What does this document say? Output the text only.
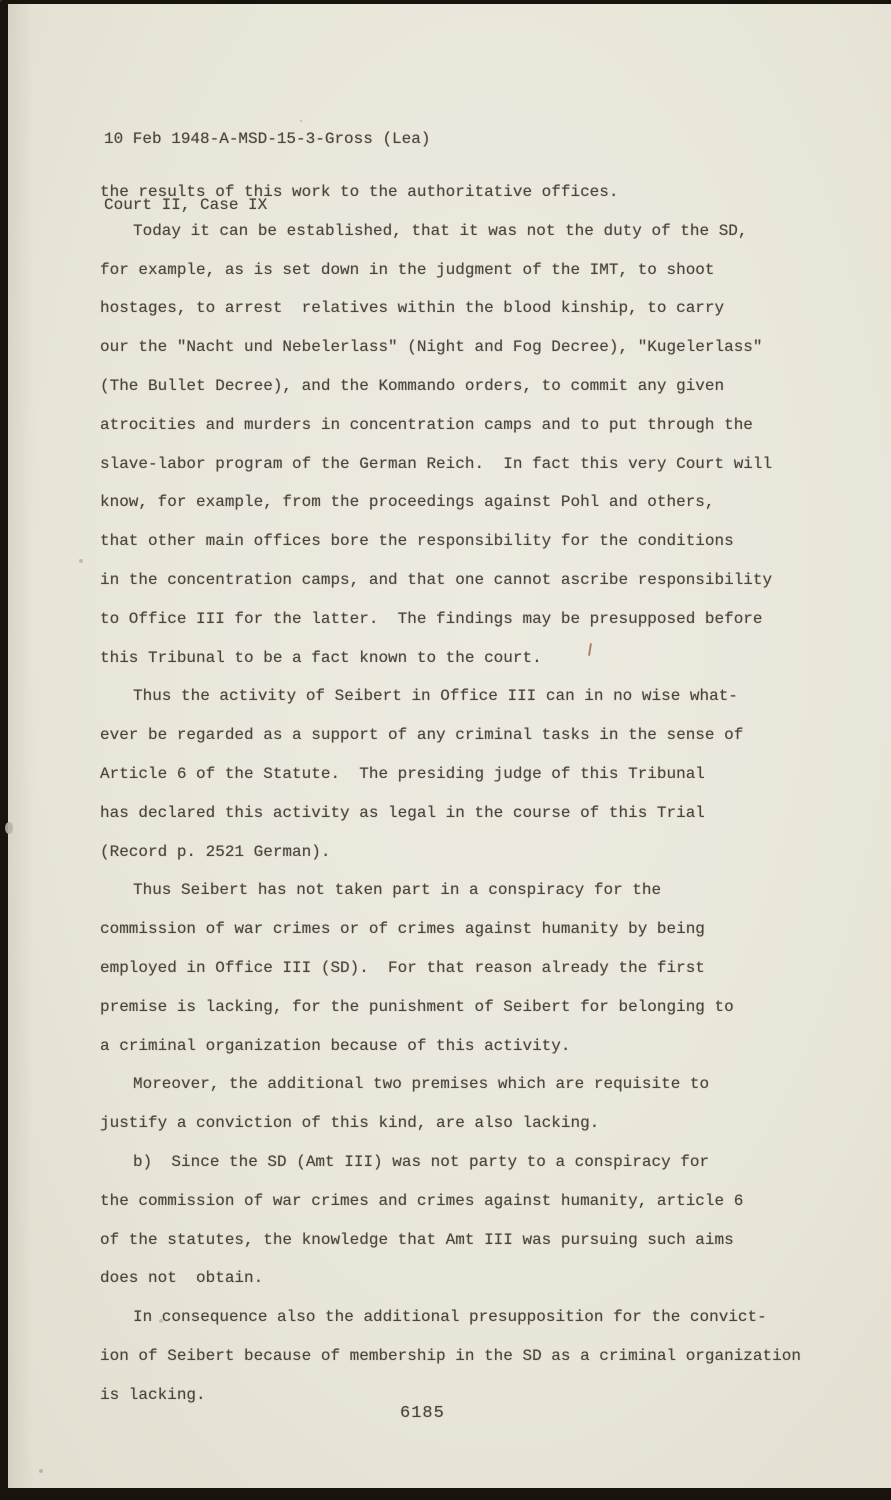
10 Feb 1948-A-MSD-15-3-Gross (Lea)

Court II, Case IX

the results of this work to the authoritative offices.
Today it can be established, that it was not the duty of the SD,
for example, as is set down in the judgment of the IMT, to shoot
hostages, to arrest  relatives within the blood kinship, to carry
our the "Nacht und Nebelerlass" (Night and Fog Decree), "Kugelerlass"
(The Bullet Decree), and the Kommando orders, to commit any given
atrocities and murders in concentration camps and to put through the
slave-labor program of the German Reich.  In fact this very Court will
know, for example, from the proceedings against Pohl and others,
that other main offices bore the responsibility for the conditions
in the concentration camps, and that one cannot ascribe responsibility
to Office III for the latter.  The findings may be presupposed before
this Tribunal to be a fact known to the court.
Thus the activity of Seibert in Office III can in no wise what-
ever be regarded as a support of any criminal tasks in the sense of
Article 6 of the Statute.  The presiding judge of this Tribunal
has declared this activity as legal in the course of this Trial
(Record p. 2521 German).
Thus Seibert has not taken part in a conspiracy for the
commission of war crimes or of crimes against humanity by being
employed in Office III (SD).  For that reason already the first
premise is lacking, for the punishment of Seibert for belonging to
a criminal organization because of this activity.
Moreover, the additional two premises which are requisite to
justify a conviction of this kind, are also lacking.
b)  Since the SD (Amt III) was not party to a conspiracy for
the commission of war crimes and crimes against humanity, article 6
of the statutes, the knowledge that Amt III was pursuing such aims
does not  obtain.
In consequence also the additional presupposition for the convict-
ion of Seibert because of membership in the SD as a criminal organization
is lacking.
6185
